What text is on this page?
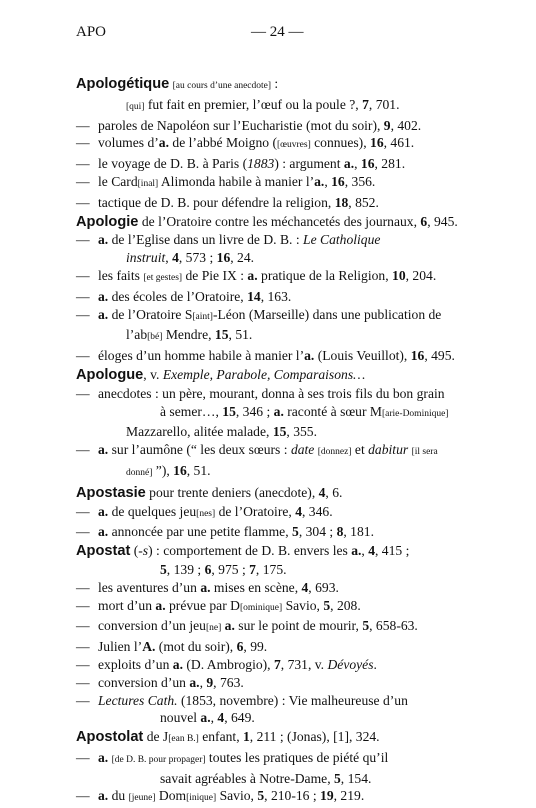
APO	— 24 —
Apologétique [au cours d’une anecdote] :
[qui] fut fait en premier, l’œuf ou la poule ?, 7, 701.
— paroles de Napoléon sur l’Eucharistie (mot du soir), 9, 402.
— volumes d’a. de l’abbé Moigno ([œuvres] connues), 16, 461.
— le voyage de D. B. à Paris (1883) : argument a., 16, 281.
— le Card[inal] Alimonda habile à manier l’a., 16, 356.
— tactique de D. B. pour défendre la religion, 18, 852.
Apologie de l’Oratoire contre les méchancetés des journaux, 6, 945.
— a. de l’Eglise dans un livre de D. B. : Le Catholique
instruit, 4, 573 ; 16, 24.
— les faits [et gestes] de Pie IX : a. pratique de la Religion, 10, 204.
— a. des écoles de l’Oratoire, 14, 163.
— a. de l’Oratoire S[aint]-Léon (Marseille) dans une publication de
l’ab[bé] Mendre, 15, 51.
— éloges d’un homme habile à manier l’a. (Louis Veuillot), 16, 495.
Apologue, v. Exemple, Parabole, Comparaisons…
— anecdotes : un père, mourant, donna à ses trois fils du bon grain
à semer…, 15, 346 ; a. raconté à sœur M[arie-Dominique]
Mazzarello, alitée malade, 15, 355.
— a. sur l’aumône (“ les deux sœurs : date [donnez] et dabitur [il sera
donné] ”), 16, 51.
Apostasie pour trente deniers (anecdote), 4, 6.
— a. de quelques jeu[nes] de l’Oratoire, 4, 346.
— a. annoncée par une petite flamme, 5, 304 ; 8, 181.
Apostat (-s) : comportement de D. B. envers les a., 4, 415 ;
5, 139 ; 6, 975 ; 7, 175.
— les aventures d’un a. mises en scène, 4, 693.
— mort d’un a. prévue par D[ominique] Savio, 5, 208.
— conversion d’un jeu[ne] a. sur le point de mourir, 5, 658-63.
— Julien l’A. (mot du soir), 6, 99.
— exploits d’un a. (D. Ambrogio), 7, 731, v. Dévoyés.
— conversion d’un a., 9, 763.
— Lectures Cath. (1853, novembre) : Vie malheureuse d’un
nouvel a., 4, 649.
Apostolat de J[ean B.] enfant, 1, 211 ; (Jonas), [1], 324.
— a. [de D. B. pour propager] toutes les pratiques de piété qu’il
savait agréables à Notre-Dame, 5, 154.
— a. du [jeune] Dom[inique] Savio, 5, 210-16 ; 19, 219.
